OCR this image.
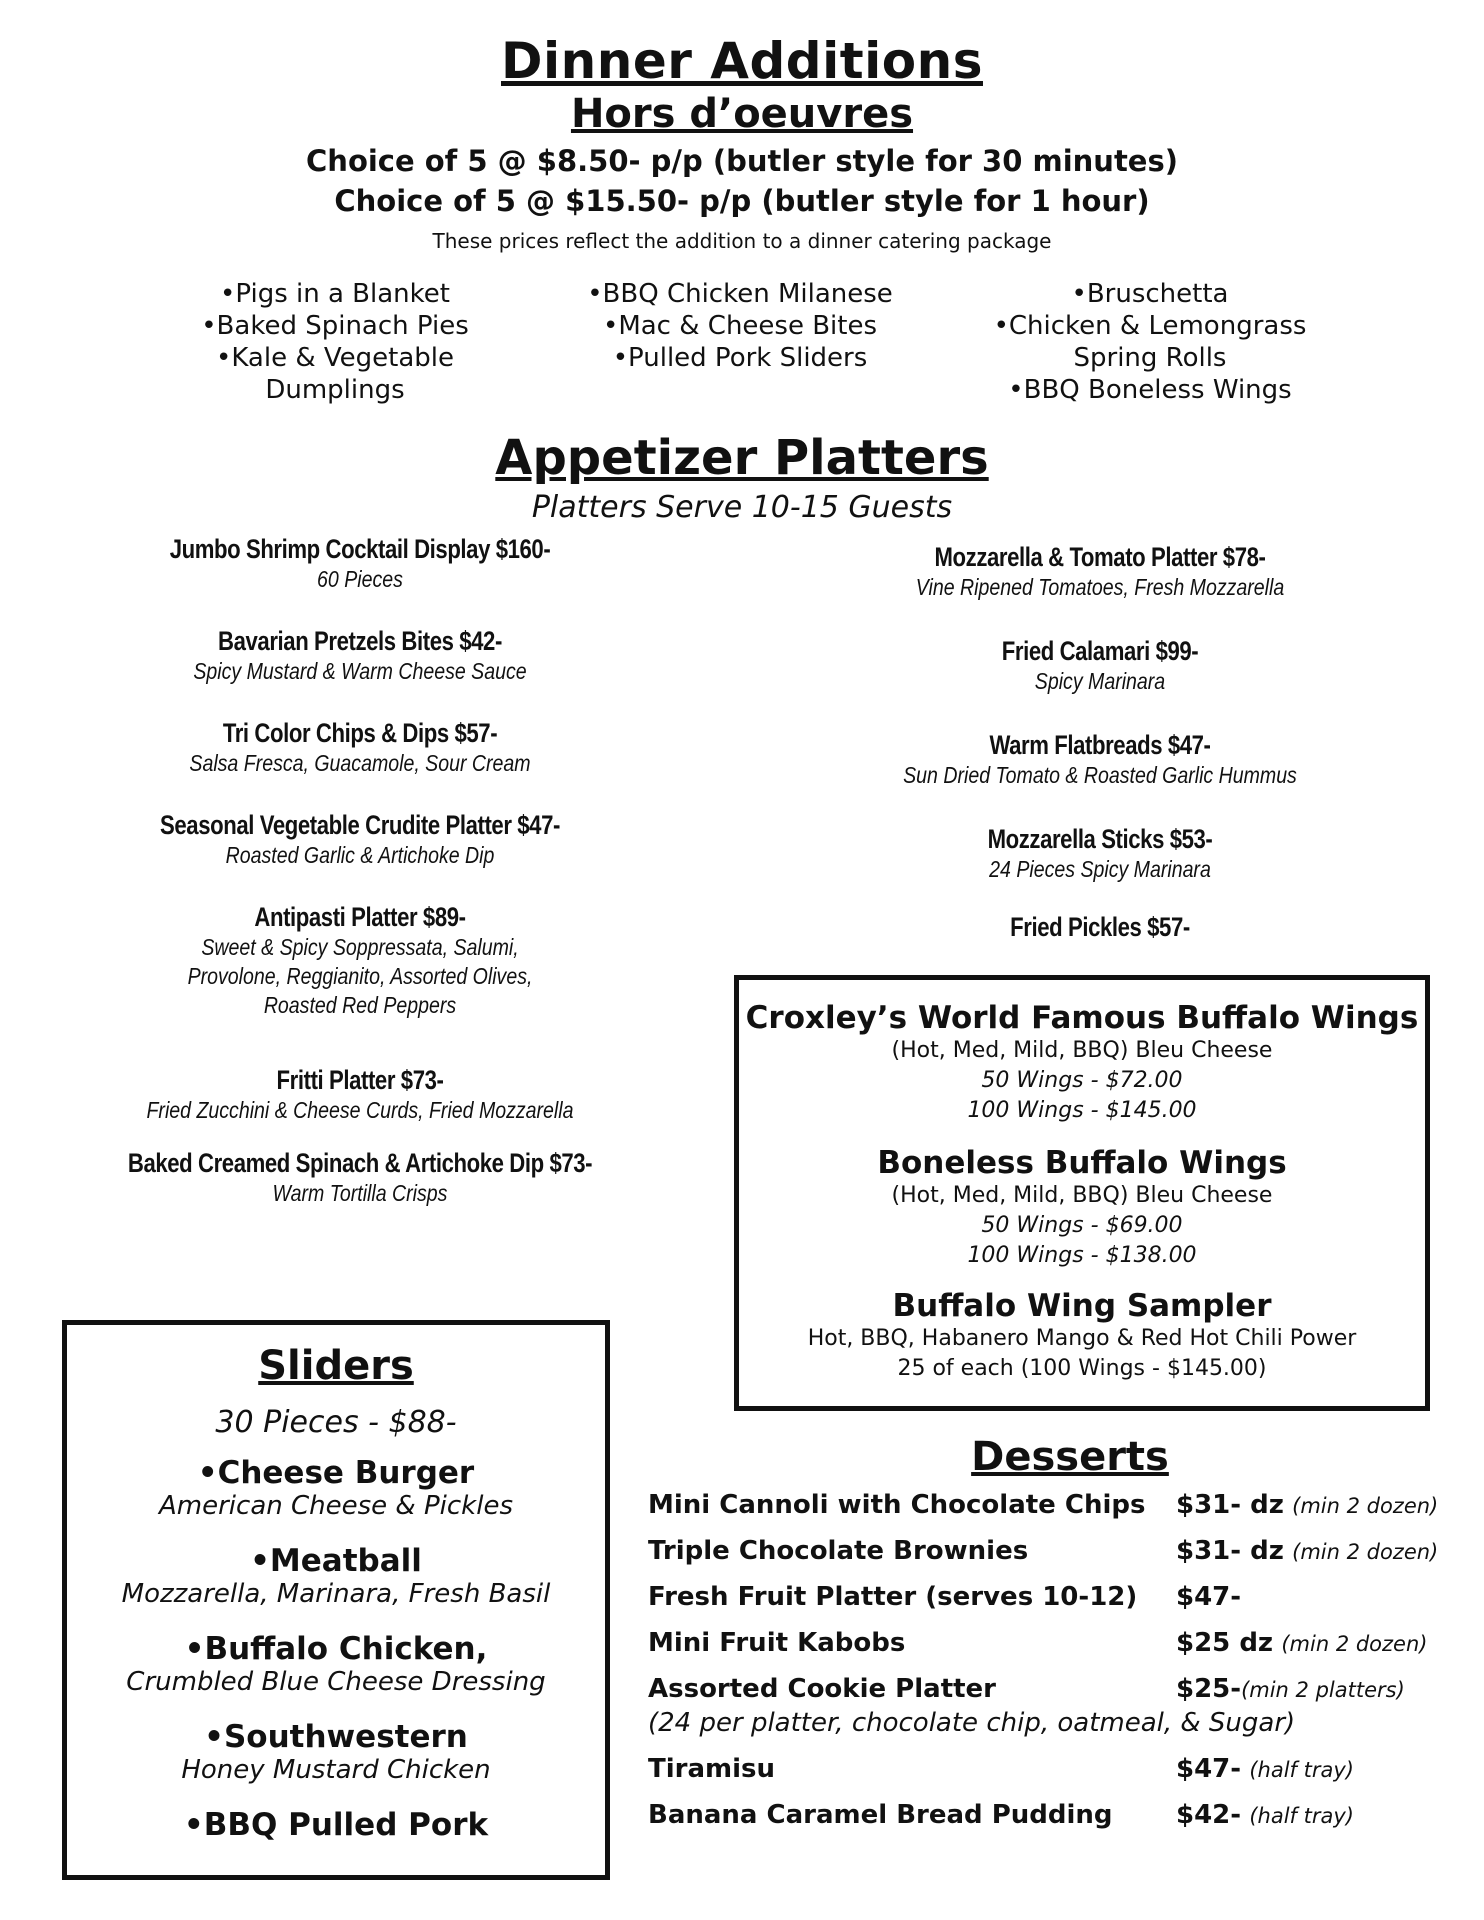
Dinner Additions
Hors d’oeuvres
Choice of 5 @ $8.50- p/p (butler style for 30 minutes)
Choice of 5 @ $15.50- p/p (butler style for 1 hour)
These prices reflect the addition to a dinner catering package
•Pigs in a Blanket
•Baked Spinach Pies
•Kale & Vegetable
Dumplings
•BBQ Chicken Milanese
•Mac & Cheese Bites
•Pulled Pork Sliders
•Bruschetta
•Chicken & Lemongrass
Spring Rolls
•BBQ Boneless Wings
Appetizer Platters
Platters Serve 10-15 Guests
Jumbo Shrimp Cocktail Display $160-
60 Pieces
Bavarian Pretzels Bites $42-
Spicy Mustard & Warm Cheese Sauce
Tri Color Chips & Dips $57-
Salsa Fresca, Guacamole, Sour Cream
Seasonal Vegetable Crudite Platter $47-
Roasted Garlic & Artichoke Dip
Antipasti Platter $89-
Sweet & Spicy Soppressata, Salumi,
Provolone, Reggianito, Assorted Olives,
Roasted Red Peppers
Fritti Platter $73-
Fried Zucchini & Cheese Curds, Fried Mozzarella
Baked Creamed Spinach & Artichoke Dip $73-
Warm Tortilla Crisps
Mozzarella & Tomato Platter $78-
Vine Ripened Tomatoes, Fresh Mozzarella
Fried Calamari $99-
Spicy Marinara
Warm Flatbreads $47-
Sun Dried Tomato & Roasted Garlic Hummus
Mozzarella Sticks $53-
24 Pieces Spicy Marinara
Fried Pickles $57-
Croxley’s World Famous Buffalo Wings
(Hot, Med, Mild, BBQ) Bleu Cheese
50 Wings - $72.00
100 Wings - $145.00
Boneless Buffalo Wings
(Hot, Med, Mild, BBQ) Bleu Cheese
50 Wings - $69.00
100 Wings - $138.00
Buffalo Wing Sampler
Hot, BBQ, Habanero Mango & Red Hot Chili Power
25 of each (100 Wings - $145.00)
Sliders
30 Pieces - $88-
•Cheese Burger
American Cheese & Pickles
•Meatball
Mozzarella, Marinara, Fresh Basil
•Buffalo Chicken,
Crumbled Blue Cheese Dressing
•Southwestern
Honey Mustard Chicken
•BBQ Pulled Pork
Desserts
Mini Cannoli with Chocolate Chips $31- dz (min 2 dozen)
Triple Chocolate Brownies	$31- dz (min 2 dozen)
Fresh Fruit Platter (serves 10-12) $47-
Mini Fruit Kabobs	$25 dz (min 2 dozen)
Assorted Cookie Platter	$25-(min 2 platters)
(24 per platter, chocolate chip, oatmeal, & Sugar)
Tiramisu	$47- (half tray)
Banana Caramel Bread Pudding $42- (half tray)
